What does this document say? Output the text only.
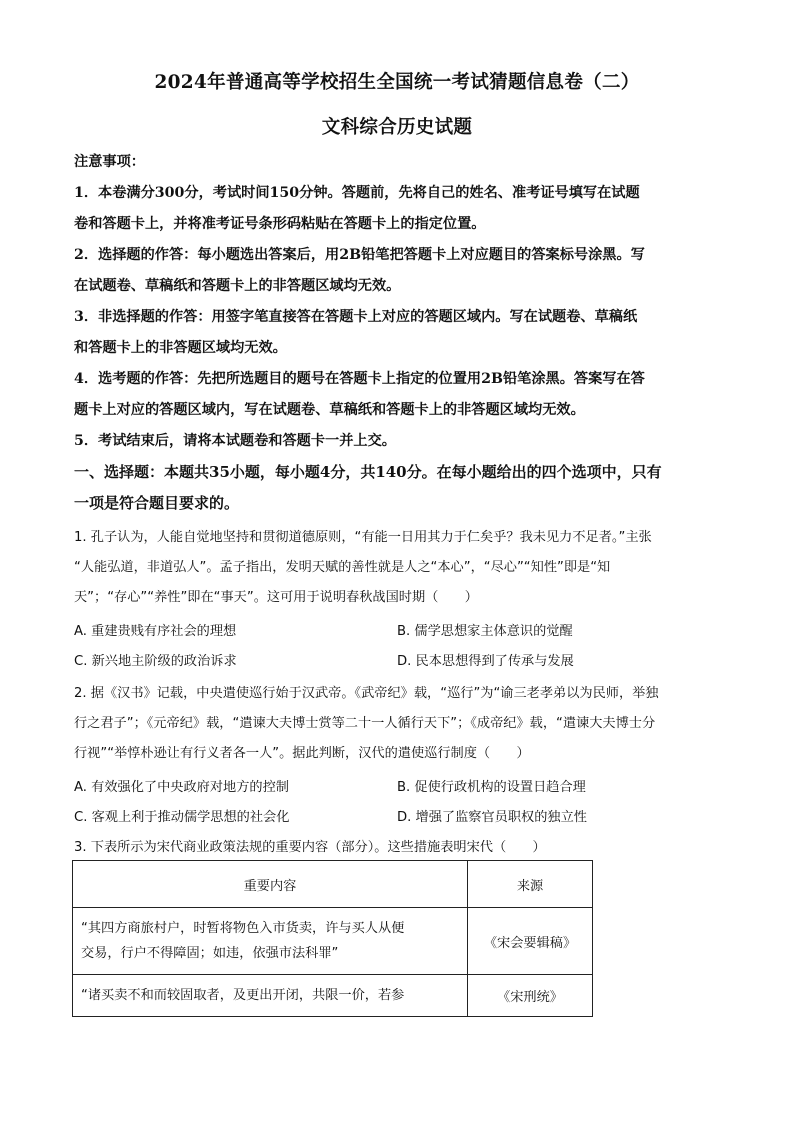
2024年普通高等学校招生全国统一考试猜题信息卷（二）
文科综合历史试题
注意事项：
1．本卷满分300分，考试时间150分钟。答题前，先将自己的姓名、准考证号填写在试题
卷和答题卡上，并将准考证号条形码粘贴在答题卡上的指定位置。
2．选择题的作答：每小题选出答案后，用2B铅笔把答题卡上对应题目的答案标号涂黑。写
在试题卷、草稿纸和答题卡上的非答题区域均无效。
3．非选择题的作答：用签字笔直接答在答题卡上对应的答题区域内。写在试题卷、草稿纸
和答题卡上的非答题区域均无效。
4．选考题的作答：先把所选题目的题号在答题卡上指定的位置用2B铅笔涂黑。答案写在答
题卡上对应的答题区域内，写在试题卷、草稿纸和答题卡上的非答题区域均无效。
5．考试结束后，请将本试题卷和答题卡一并上交。
一、选择题：本题共35小题，每小题4分，共140分。在每小题给出的四个选项中，只有
一项是符合题目要求的。
1. 孔子认为，人能自觉地坚持和贯彻道德原则，“有能一日用其力于仁矣乎？我未见力不足者。”主张
“人能弘道，非道弘人”。孟子指出，发明天赋的善性就是人之“本心”，“尽心”“知性”即是“知
天”；“存心”“养性”即在“事天”。这可用于说明春秋战国时期（　　）
A. 重建贵贱有序社会的理想	B. 儒学思想家主体意识的觉醒
C. 新兴地主阶级的政治诉求	D. 民本思想得到了传承与发展
2. 据《汉书》记载，中央遣使巡行始于汉武帝。《武帝纪》载，“巡行”为“谕三老孝弟以为民师，举独
行之君子”；《元帝纪》载，“遣谏大夫博士赏等二十一人循行天下”；《成帝纪》载，“遣谏大夫博士分
行视”“举惇朴逊让有行义者各一人”。据此判断，汉代的遣使巡行制度（　　）
A. 有效强化了中央政府对地方的控制	B. 促使行政机构的设置日趋合理
C. 客观上利于推动儒学思想的社会化	D. 增强了监察官员职权的独立性
3. 下表所示为宋代商业政策法规的重要内容（部分）。这些措施表明宋代（　　）
重要内容	来源

“其四方商旅村户，时暂将物色入市货卖，许与买人从便
交易，行户不得障固；如违，依强市法科罪”	《宋会要辑稿》

“诸买卖不和而较固取者，及更出开闭，共限一价，若参	《宋刑统》
